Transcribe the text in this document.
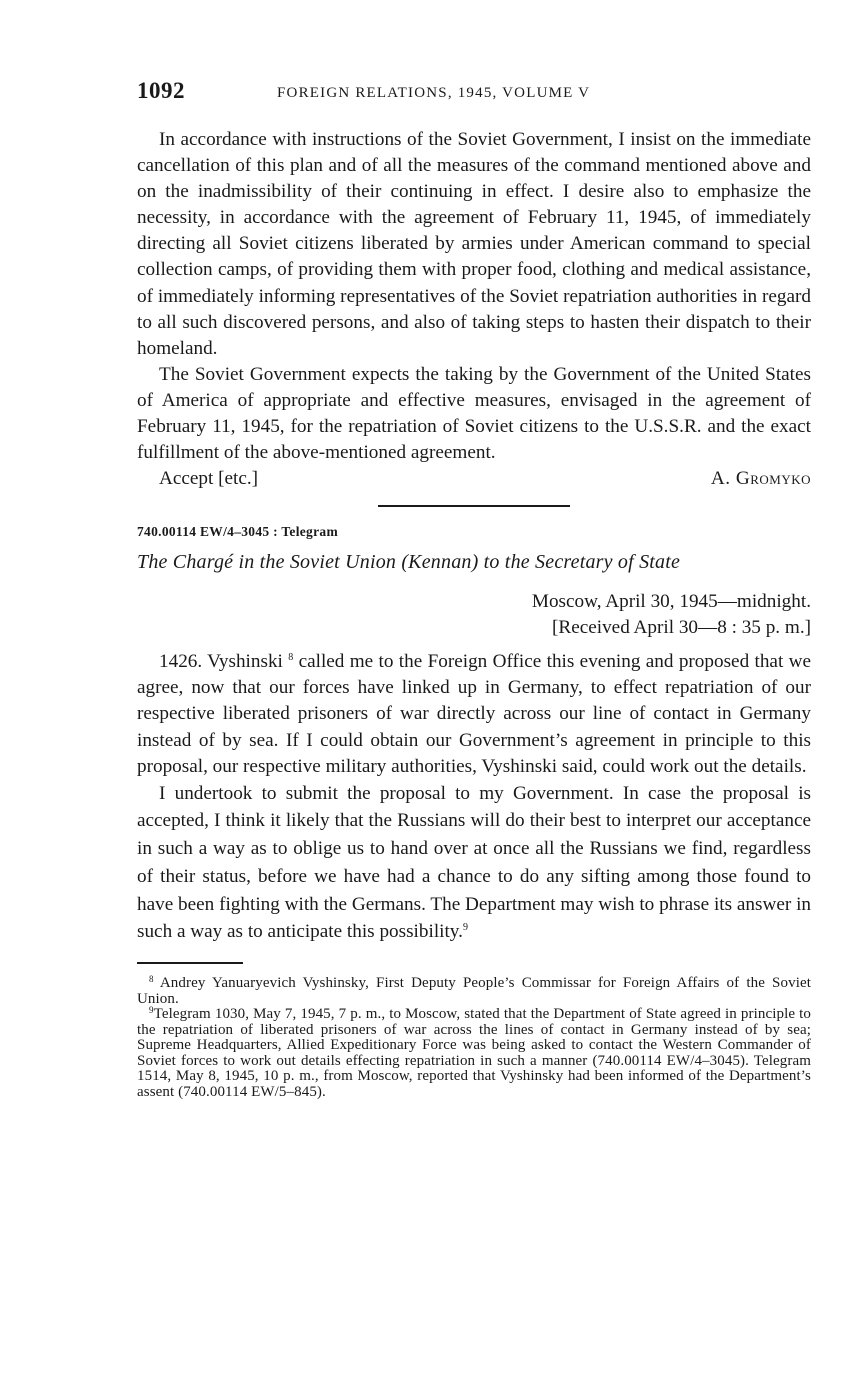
1092	FOREIGN RELATIONS, 1945, VOLUME V

In accordance with instructions of the Soviet Government, I insist on the immediate cancellation of this plan and of all the measures of the command mentioned above and on the inadmissibility of their continuing in effect. I desire also to emphasize the necessity, in accordance with the agreement of February 11, 1945, of immediately directing all Soviet citizens liberated by armies under American command to special collection camps, of providing them with proper food, clothing and medical assistance, of immediately informing representatives of the Soviet repatriation authorities in regard to all such discovered persons, and also of taking steps to hasten their dispatch to their homeland.

The Soviet Government expects the taking by the Government of the United States of America of appropriate and effective measures, envisaged in the agreement of February 11, 1945, for the repatriation of Soviet citizens to the U.S.S.R. and the exact fulfillment of the above-mentioned agreement.

Accept [etc.]	A. Gromyko
740.00114 EW/4–3045 : Telegram
The Chargé in the Soviet Union (Kennan) to the Secretary of State
Moscow, April 30, 1945—midnight.
[Received April 30—8 : 35 p. m.]

1426. Vyshinski $^8$ called me to the Foreign Office this evening and proposed that we agree, now that our forces have linked up in Germany, to effect repatriation of our respective liberated prisoners of war directly across our line of contact in Germany instead of by sea. If I could obtain our Government’s agreement in principle to this proposal, our respective military authorities, Vyshinski said, could work out the details.

I undertook to submit the proposal to my Government. In case the proposal is accepted, I think it likely that the Russians will do their best to interpret our acceptance in such a way as to oblige us to hand over at once all the Russians we find, regardless of their status, before we have had a chance to do any sifting among those found to have been fighting with the Germans. The Department may wish to phrase its answer in such a way as to anticipate this possibility.$^9$

$^8$ Andrey Yanuaryevich Vyshinsky, First Deputy People’s Commissar for Foreign Affairs of the Soviet Union.

$^9$Telegram 1030, May 7, 1945, 7 p. m., to Moscow, stated that the Department of State agreed in principle to the repatriation of liberated prisoners of war across the lines of contact in Germany instead of by sea; Supreme Headquarters, Allied Expeditionary Force was being asked to contact the Western Commander of Soviet forces to work out details effecting repatriation in such a manner (740.00114 EW/4–3045). Telegram 1514, May 8, 1945, 10 p. m., from Moscow, reported that Vyshinsky had been informed of the Department’s assent (740.00114 EW/5–845).
